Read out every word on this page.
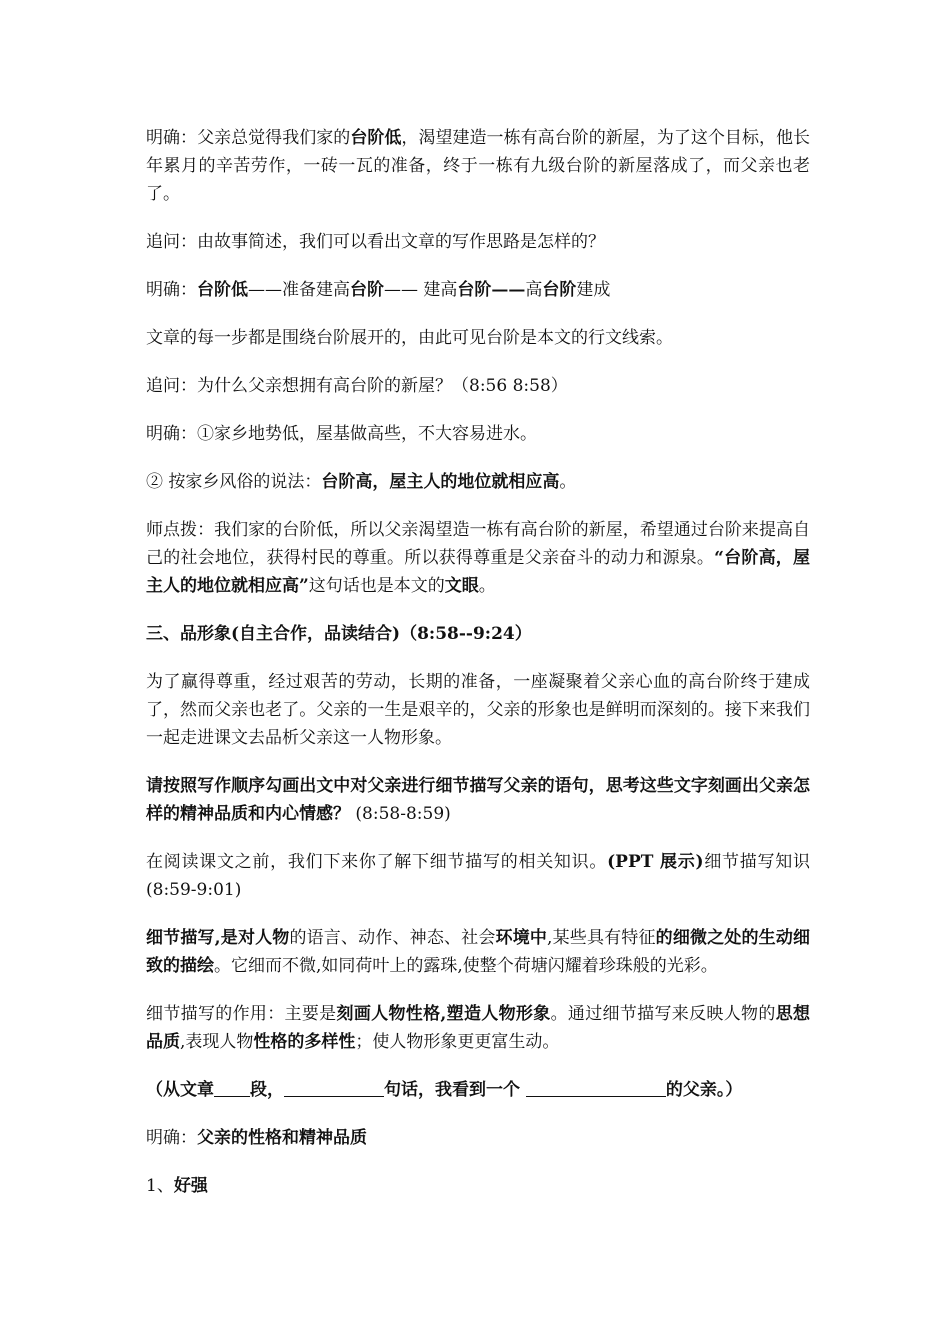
明确：父亲总觉得我们家的台阶低，渴望建造一栋有高台阶的新屋，为了这个目标，他长年累月的辛苦劳作，一砖一瓦的准备，终于一栋有九级台阶的新屋落成了，而父亲也老了。

追问：由故事简述，我们可以看出文章的写作思路是怎样的？

明确：台阶低——准备建高台阶—— 建高台阶——高台阶建成

文章的每一步都是围绕台阶展开的，由此可见台阶是本文的行文线索。

追问：为什么父亲想拥有高台阶的新屋？（8:56 8:58）

明确：①家乡地势低，屋基做高些，不大容易进水。

② 按家乡风俗的说法：台阶高，屋主人的地位就相应高。

师点拨：我们家的台阶低，所以父亲渴望造一栋有高台阶的新屋，希望通过台阶来提高自己的社会地位，获得村民的尊重。所以获得尊重是父亲奋斗的动力和源泉。“台阶高，屋主人的地位就相应高”这句话也是本文的文眼。

三、品形象(自主合作，品读结合)（8:58--9:24）

为了赢得尊重，经过艰苦的劳动，长期的准备，一座凝聚着父亲心血的高台阶终于建成了，然而父亲也老了。父亲的一生是艰辛的，父亲的形象也是鲜明而深刻的。接下来我们一起走进课文去品析父亲这一人物形象。

请按照写作顺序勾画出文中对父亲进行细节描写父亲的语句，思考这些文字刻画出父亲怎样的精神品质和内心情感？ (8:58-8:59)

在阅读课文之前，我们下来你了解下细节描写的相关知识。(PPT 展示)细节描写知识(8:59-9:01)

细节描写,是对人物的语言、动作、神态、社会环境中,某些具有特征的细微之处的生动细致的描绘。它细而不微,如同荷叶上的露珠,使整个荷塘闪耀着珍珠般的光彩。

细节描写的作用：主要是刻画人物性格,塑造人物形象。通过细节描写来反映人物的思想品质,表现人物性格的多样性；使人物形象更更富生动。

（从文章 段，	句话，我看到一个	的父亲。）

明确：父亲的性格和精神品质

1、好强
